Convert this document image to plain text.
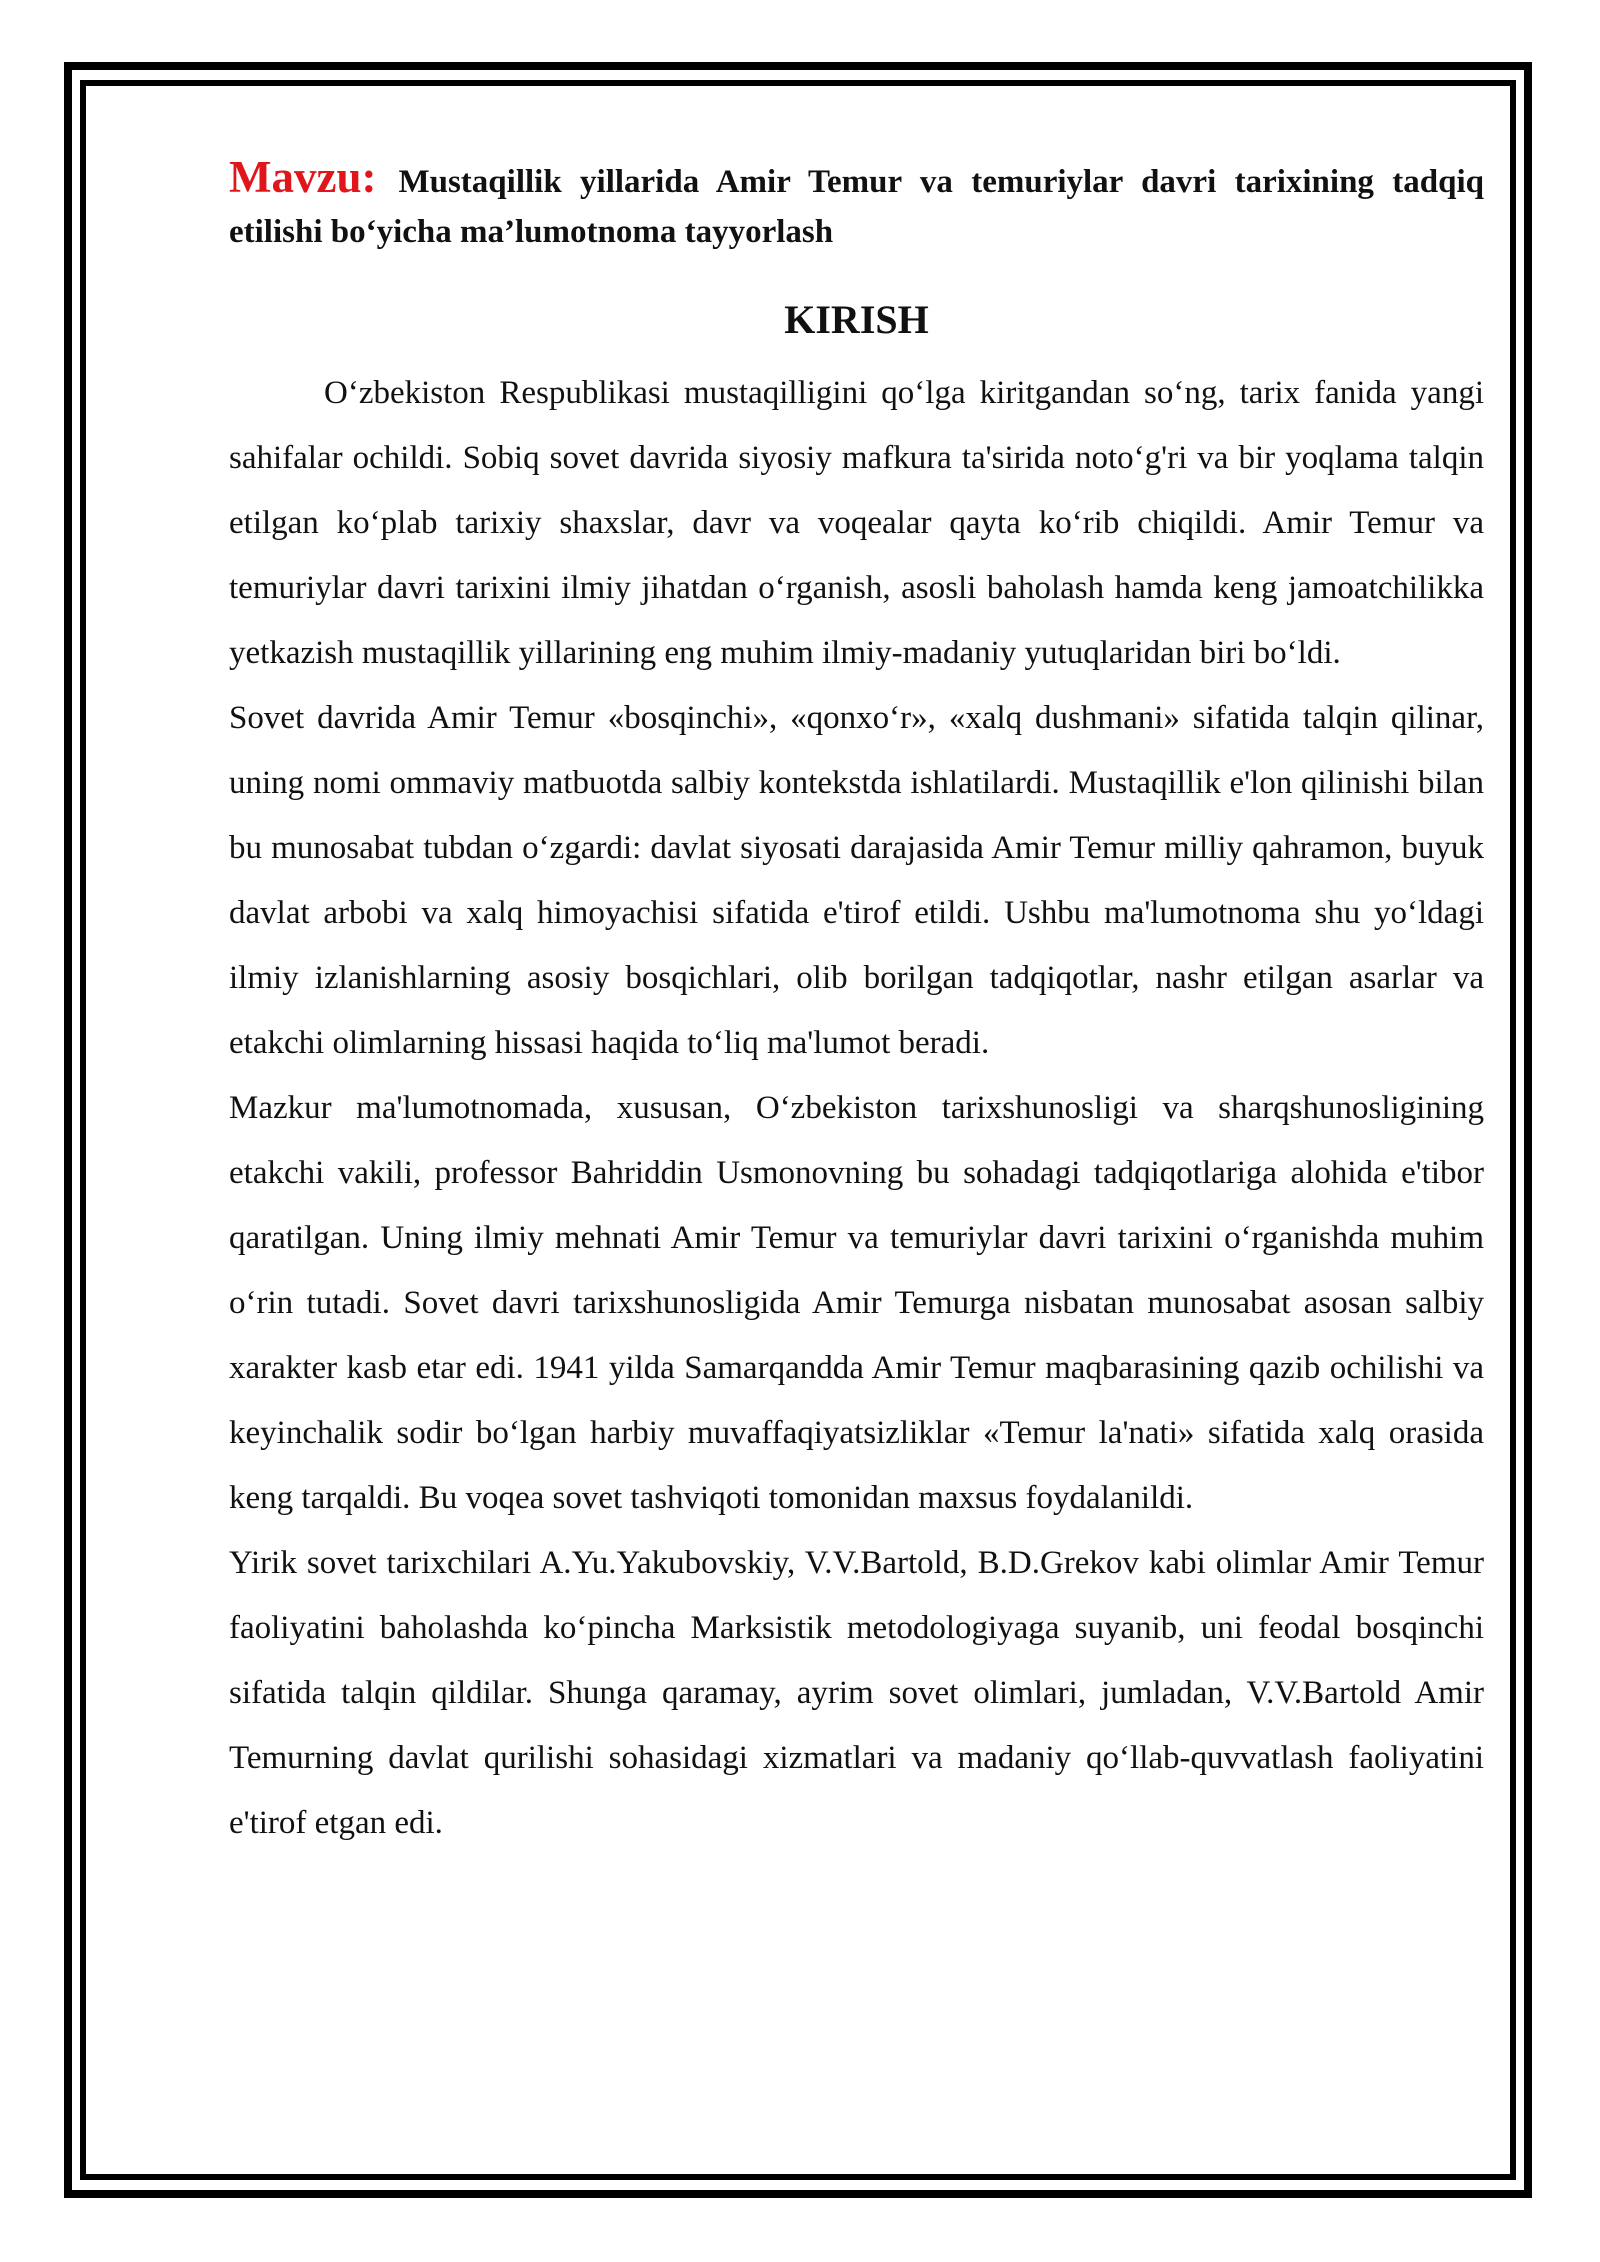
Mavzu: Mustaqillik yillarida Amir Temur va temuriylar davri tarixining tadqiq etilishi bo‘yicha ma’lumotnoma tayyorlash

KIRISH

O‘zbekiston Respublikasi mustaqilligini qo‘lga kiritgandan so‘ng, tarix fanida yangi sahifalar ochildi. Sobiq sovet davrida siyosiy mafkura ta'sirida noto‘g'ri va bir yoqlama talqin etilgan ko‘plab tarixiy shaxslar, davr va voqealar qayta ko‘rib chiqildi. Amir Temur va temuriylar davri tarixini ilmiy jihatdan o‘rganish, asosli baholash hamda keng jamoatchilikka yetkazish mustaqillik yillarining eng muhim ilmiy-madaniy yutuqlaridan biri bo‘ldi.

Sovet davrida Amir Temur «bosqinchi», «qonxo‘r», «xalq dushmani» sifatida talqin qilinar, uning nomi ommaviy matbuotda salbiy kontekstda ishlatilardi. Mustaqillik e'lon qilinishi bilan bu munosabat tubdan o‘zgardi: davlat siyosati darajasida Amir Temur milliy qahramon, buyuk davlat arbobi va xalq himoyachisi sifatida e'tirof etildi. Ushbu ma'lumotnoma shu yo‘ldagi ilmiy izlanishlarning asosiy bosqichlari, olib borilgan tadqiqotlar, nashr etilgan asarlar va etakchi olimlarning hissasi haqida to‘liq ma'lumot beradi.

Mazkur ma'lumotnomada, xususan, O‘zbekiston tarixshunosligi va sharqshunosligining etakchi vakili, professor Bahriddin Usmonovning bu sohadagi tadqiqotlariga alohida e'tibor qaratilgan. Uning ilmiy mehnati Amir Temur va temuriylar davri tarixini o‘rganishda muhim o‘rin tutadi. Sovet davri tarixshunosligida Amir Temurga nisbatan munosabat asosan salbiy xarakter kasb etar edi. 1941 yilda Samarqandda Amir Temur maqbarasining qazib ochilishi va keyinchalik sodir bo‘lgan harbiy muvaffaqiyatsizliklar «Temur la'nati» sifatida xalq orasida keng tarqaldi. Bu voqea sovet tashviqoti tomonidan maxsus foydalanildi.

Yirik sovet tarixchilari A.Yu.Yakubovskiy, V.V.Bartold, B.D.Grekov kabi olimlar Amir Temur faoliyatini baholashda ko‘pincha Marksistik metodologiyaga suyanib, uni feodal bosqinchi sifatida talqin qildilar. Shunga qaramay, ayrim sovet olimlari, jumladan, V.V.Bartold Amir Temurning davlat qurilishi sohasidagi xizmatlari va madaniy qo‘llab-quvvatlash faoliyatini e'tirof etgan edi.
